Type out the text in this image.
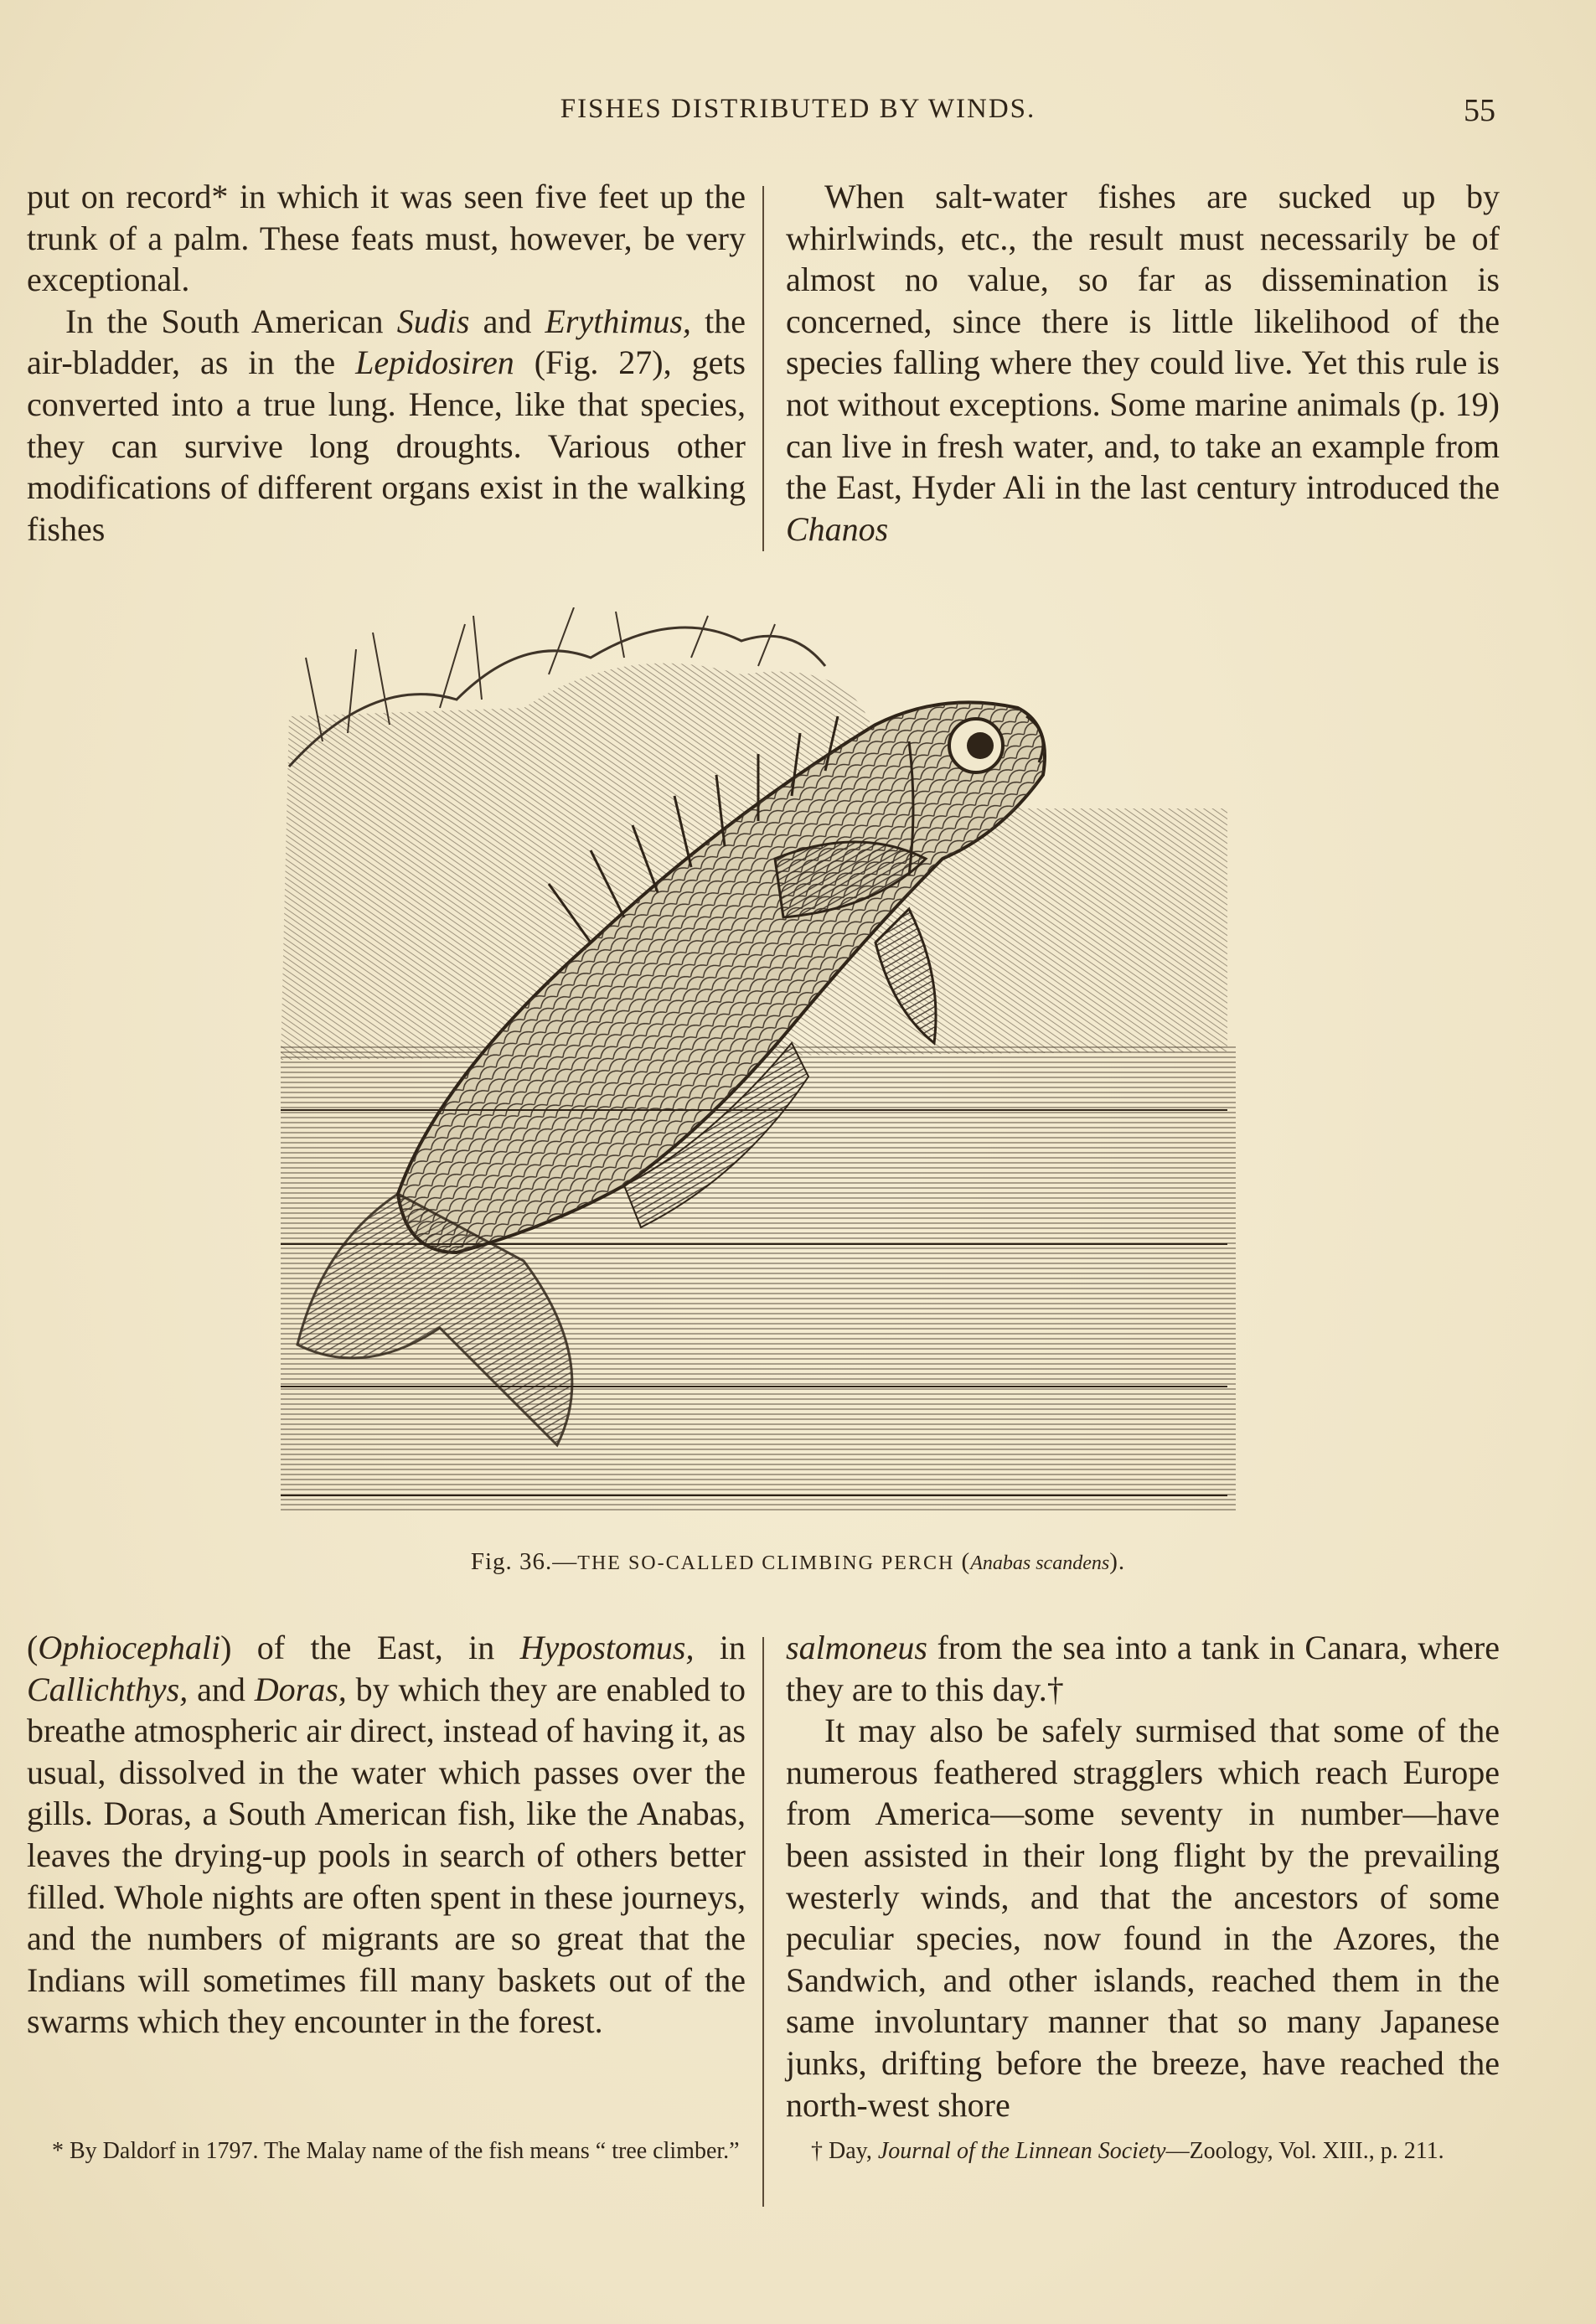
FISHES DISTRIBUTED BY WINDS.	55

put on record* in which it was seen five feet up the trunk of a palm. These feats must, however, be very exceptional.

In the South American Sudis and Erythimus, the air-bladder, as in the Lepidosiren (Fig. 27), gets converted into a true lung. Hence, like that species, they can survive long droughts. Various other modifications of different organs exist in the walking fishes

When salt-water fishes are sucked up by whirlwinds, etc., the result must necessarily be of almost no value, so far as dissemination is concerned, since there is little likelihood of the species falling where they could live. Yet this rule is not without exceptions. Some marine animals (p. 19) can live in fresh water, and, to take an example from the East, Hyder Ali in the last century introduced the Chanos

Fig. 36.—THE SO-CALLED CLIMBING PERCH (Anabas scandens).

(Ophiocephali) of the East, in Hypostomus, in Callichthys, and Doras, by which they are enabled to breathe atmospheric air direct, instead of having it, as usual, dissolved in the water which passes over the gills. Doras, a South American fish, like the Anabas, leaves the drying-up pools in search of others better filled. Whole nights are often spent in these journeys, and the numbers of migrants are so great that the Indians will sometimes fill many baskets out of the swarms which they encounter in the forest.

salmoneus from the sea into a tank in Canara, where they are to this day.†

It may also be safely surmised that some of the numerous feathered stragglers which reach Europe from America—some seventy in number—have been assisted in their long flight by the prevailing westerly winds, and that the ancestors of some peculiar species, now found in the Azores, the Sandwich, and other islands, reached them in the same involuntary manner that so many Japanese junks, drifting before the breeze, have reached the north-west shore

* By Daldorf in 1797. The Malay name of the fish means “ tree climber.”	† Day, Journal of the Linnean Society—Zoology, Vol. XIII., p. 211.
